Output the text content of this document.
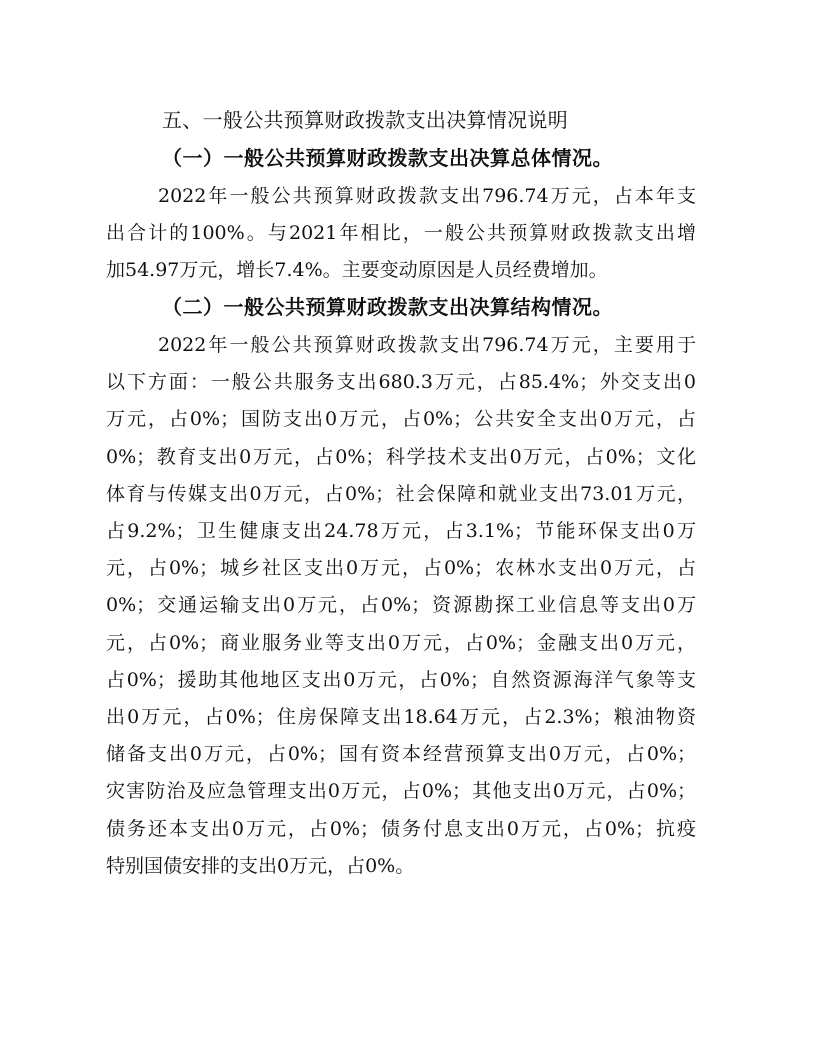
五、一般公共预算财政拨款支出决算情况说明
（一）一般公共预算财政拨款支出决算总体情况。
2022年一般公共预算财政拨款支出796.74万元，占本年支
出合计的100%。与2021年相比，一般公共预算财政拨款支出增
加54.97万元，增长7.4%。主要变动原因是人员经费增加。
（二）一般公共预算财政拨款支出决算结构情况。
2022年一般公共预算财政拨款支出796.74万元，主要用于
以下方面：一般公共服务支出680.3万元，占85.4%；外交支出0
万元，占0%；国防支出0万元，占0%；公共安全支出0万元，占
0%；教育支出0万元，占0%；科学技术支出0万元，占0%；文化
体育与传媒支出0万元，占0%；社会保障和就业支出73.01万元，
占9.2%；卫生健康支出24.78万元，占3.1%；节能环保支出0万
元，占0%；城乡社区支出0万元，占0%；农林水支出0万元，占
0%；交通运输支出0万元，占0%；资源勘探工业信息等支出0万
元，占0%；商业服务业等支出0万元，占0%；金融支出0万元，
占0%；援助其他地区支出0万元，占0%；自然资源海洋气象等支
出0万元，占0%；住房保障支出18.64万元，占2.3%；粮油物资
储备支出0万元，占0%；国有资本经营预算支出0万元，占0%；
灾害防治及应急管理支出0万元，占0%；其他支出0万元，占0%；
债务还本支出0万元，占0%；债务付息支出0万元，占0%；抗疫
特别国债安排的支出0万元，占0%。
